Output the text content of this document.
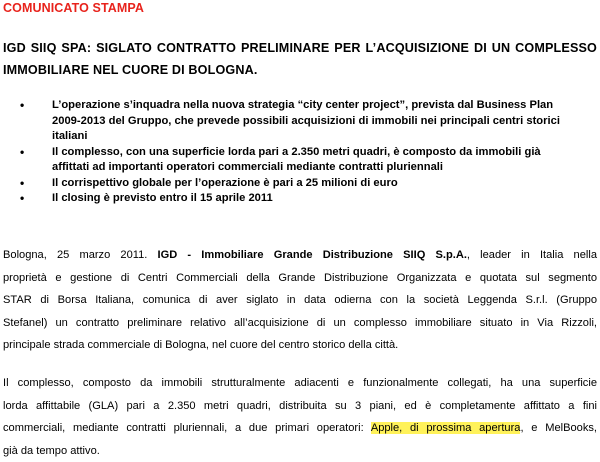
COMUNICATO STAMPA
IGD SIIQ SPA: SIGLATO CONTRATTO PRELIMINARE PER L’ACQUISIZIONE DI UN COMPLESSO
IMMOBILIARE NEL CUORE DI BOLOGNA.
•	L’operazione s’inquadra nella nuova strategia “city center project”, prevista dal Business Plan
2009-2013 del Gruppo, che prevede possibili acquisizioni di immobili nei principali centri storici
italiani
•	Il complesso, con una superficie lorda pari a 2.350 metri quadri, è composto da immobili già
affittati ad importanti operatori commerciali mediante contratti pluriennali
•	Il corrispettivo globale per l’operazione è pari a 25 milioni di euro
•	Il closing è previsto entro il 15 aprile 2011
Bologna, 25 marzo 2011. IGD - Immobiliare Grande Distribuzione SIIQ S.p.A., leader in Italia nella
proprietà e gestione di Centri Commerciali della Grande Distribuzione Organizzata e quotata sul segmento
STAR di Borsa Italiana, comunica di aver siglato in data odierna con la società Leggenda S.r.l. (Gruppo
Stefanel) un contratto preliminare relativo all’acquisizione di un complesso immobiliare situato in Via Rizzoli,
principale strada commerciale di Bologna, nel cuore del centro storico della città.
Il complesso, composto da immobili strutturalmente adiacenti e funzionalmente collegati, ha una superficie
lorda affittabile (GLA) pari a 2.350 metri quadri, distribuita su 3 piani, ed è completamente affittato a fini
commerciali, mediante contratti pluriennali, a due primari operatori: Apple, di prossima apertura, e MelBooks,
già da tempo attivo.
